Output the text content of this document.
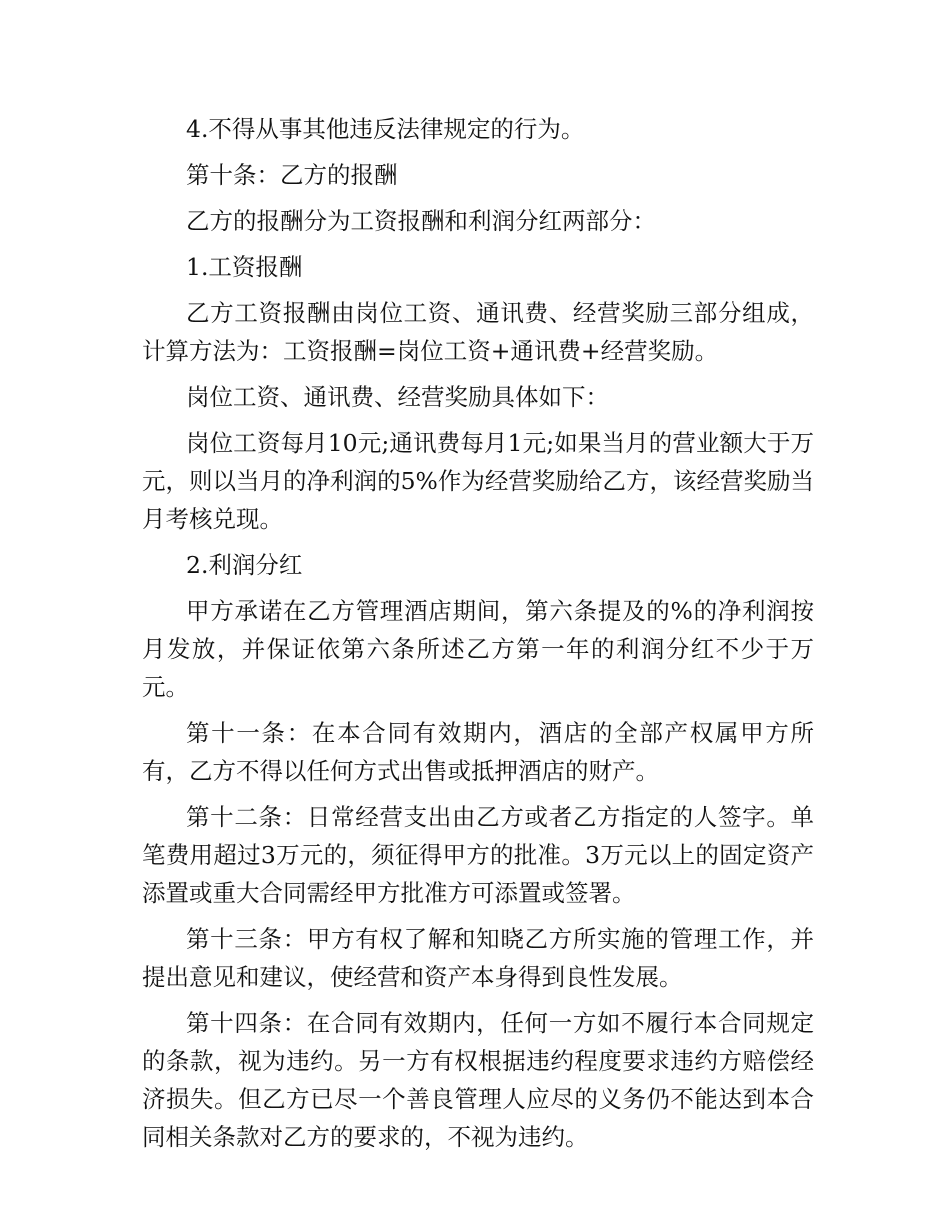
4.不得从事其他违反法律规定的行为。

第十条：乙方的报酬

乙方的报酬分为工资报酬和利润分红两部分：

1.工资报酬

乙方工资报酬由岗位工资、通讯费、经营奖励三部分组成，计算方法为：工资报酬=岗位工资+通讯费+经营奖励。

岗位工资、通讯费、经营奖励具体如下：

岗位工资每月10元;通讯费每月1元;如果当月的营业额大于万元，则以当月的净利润的5%作为经营奖励给乙方，该经营奖励当月考核兑现。

2.利润分红

甲方承诺在乙方管理酒店期间，第六条提及的%的净利润按月发放，并保证依第六条所述乙方第一年的利润分红不少于万元。

第十一条：在本合同有效期内，酒店的全部产权属甲方所有，乙方不得以任何方式出售或抵押酒店的财产。

第十二条：日常经营支出由乙方或者乙方指定的人签字。单笔费用超过3万元的，须征得甲方的批准。3万元以上的固定资产添置或重大合同需经甲方批准方可添置或签署。

第十三条：甲方有权了解和知晓乙方所实施的管理工作，并提出意见和建议，使经营和资产本身得到良性发展。

第十四条：在合同有效期内，任何一方如不履行本合同规定的条款，视为违约。另一方有权根据违约程度要求违约方赔偿经济损失。但乙方已尽一个善良管理人应尽的义务仍不能达到本合同相关条款对乙方的要求的，不视为违约。
